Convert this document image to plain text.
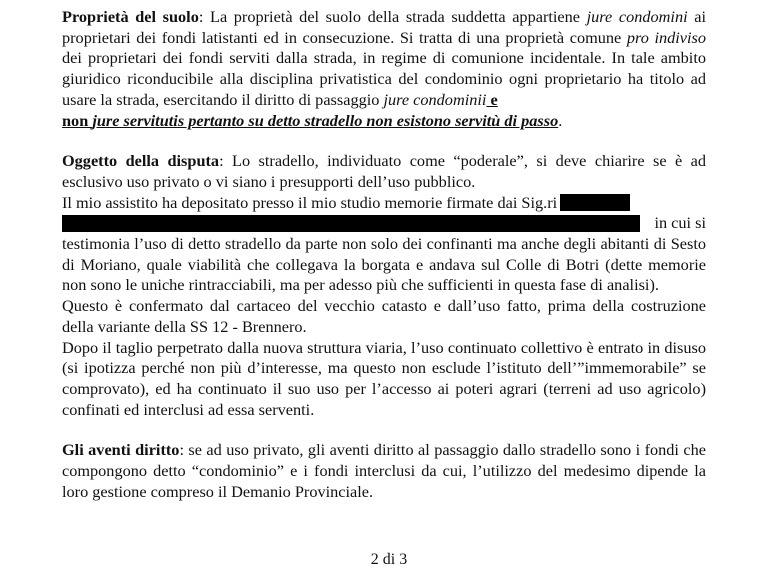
Proprietà del suolo: La proprietà del suolo della strada suddetta appartiene jure condomini ai proprietari dei fondi latistanti ed in consecuzione. Si tratta di una proprietà comune pro indiviso dei proprietari dei fondi serviti dalla strada, in regime di comunione incidentale. In tale ambito giuridico riconducibile alla disciplina privatistica del condominio ogni proprietario ha titolo ad usare la strada, esercitando il diritto di passaggio jure condominii e
non jure servitutis pertanto su detto stradello non esistono servitù di passo.

Oggetto della disputa: Lo stradello, individuato come “poderale”, si deve chiarire se è ad esclusivo uso privato o vi siano i presupporti dell’uso pubblico.

Il mio assistito ha depositato presso il mio studio memorie firmate dai Sig.ri
in cui si

testimonia l’uso di detto stradello da parte non solo dei confinanti ma anche degli abitanti di Sesto di Moriano, quale viabilità che collegava la borgata e andava sul Colle di Botri (dette memorie non sono le uniche rintracciabili, ma per adesso più che sufficienti in questa fase di analisi).

Questo è confermato dal cartaceo del vecchio catasto e dall’uso fatto, prima della costruzione della variante della SS 12 - Brennero.

Dopo il taglio perpetrato dalla nuova struttura viaria, l’uso continuato collettivo è entrato in disuso (si ipotizza perché non più d’interesse, ma questo non esclude l’istituto dell’”immemorabile” se comprovato), ed ha continuato il suo uso per l’accesso ai poteri agrari (terreni ad uso agricolo) confinati ed interclusi ad essa serventi.

Gli aventi diritto: se ad uso privato, gli aventi diritto al passaggio dallo stradello sono i fondi che compongono detto “condominio” e i fondi interclusi da cui, l’utilizzo del medesimo dipende la loro gestione compreso il Demanio Provinciale.

2 di 3
